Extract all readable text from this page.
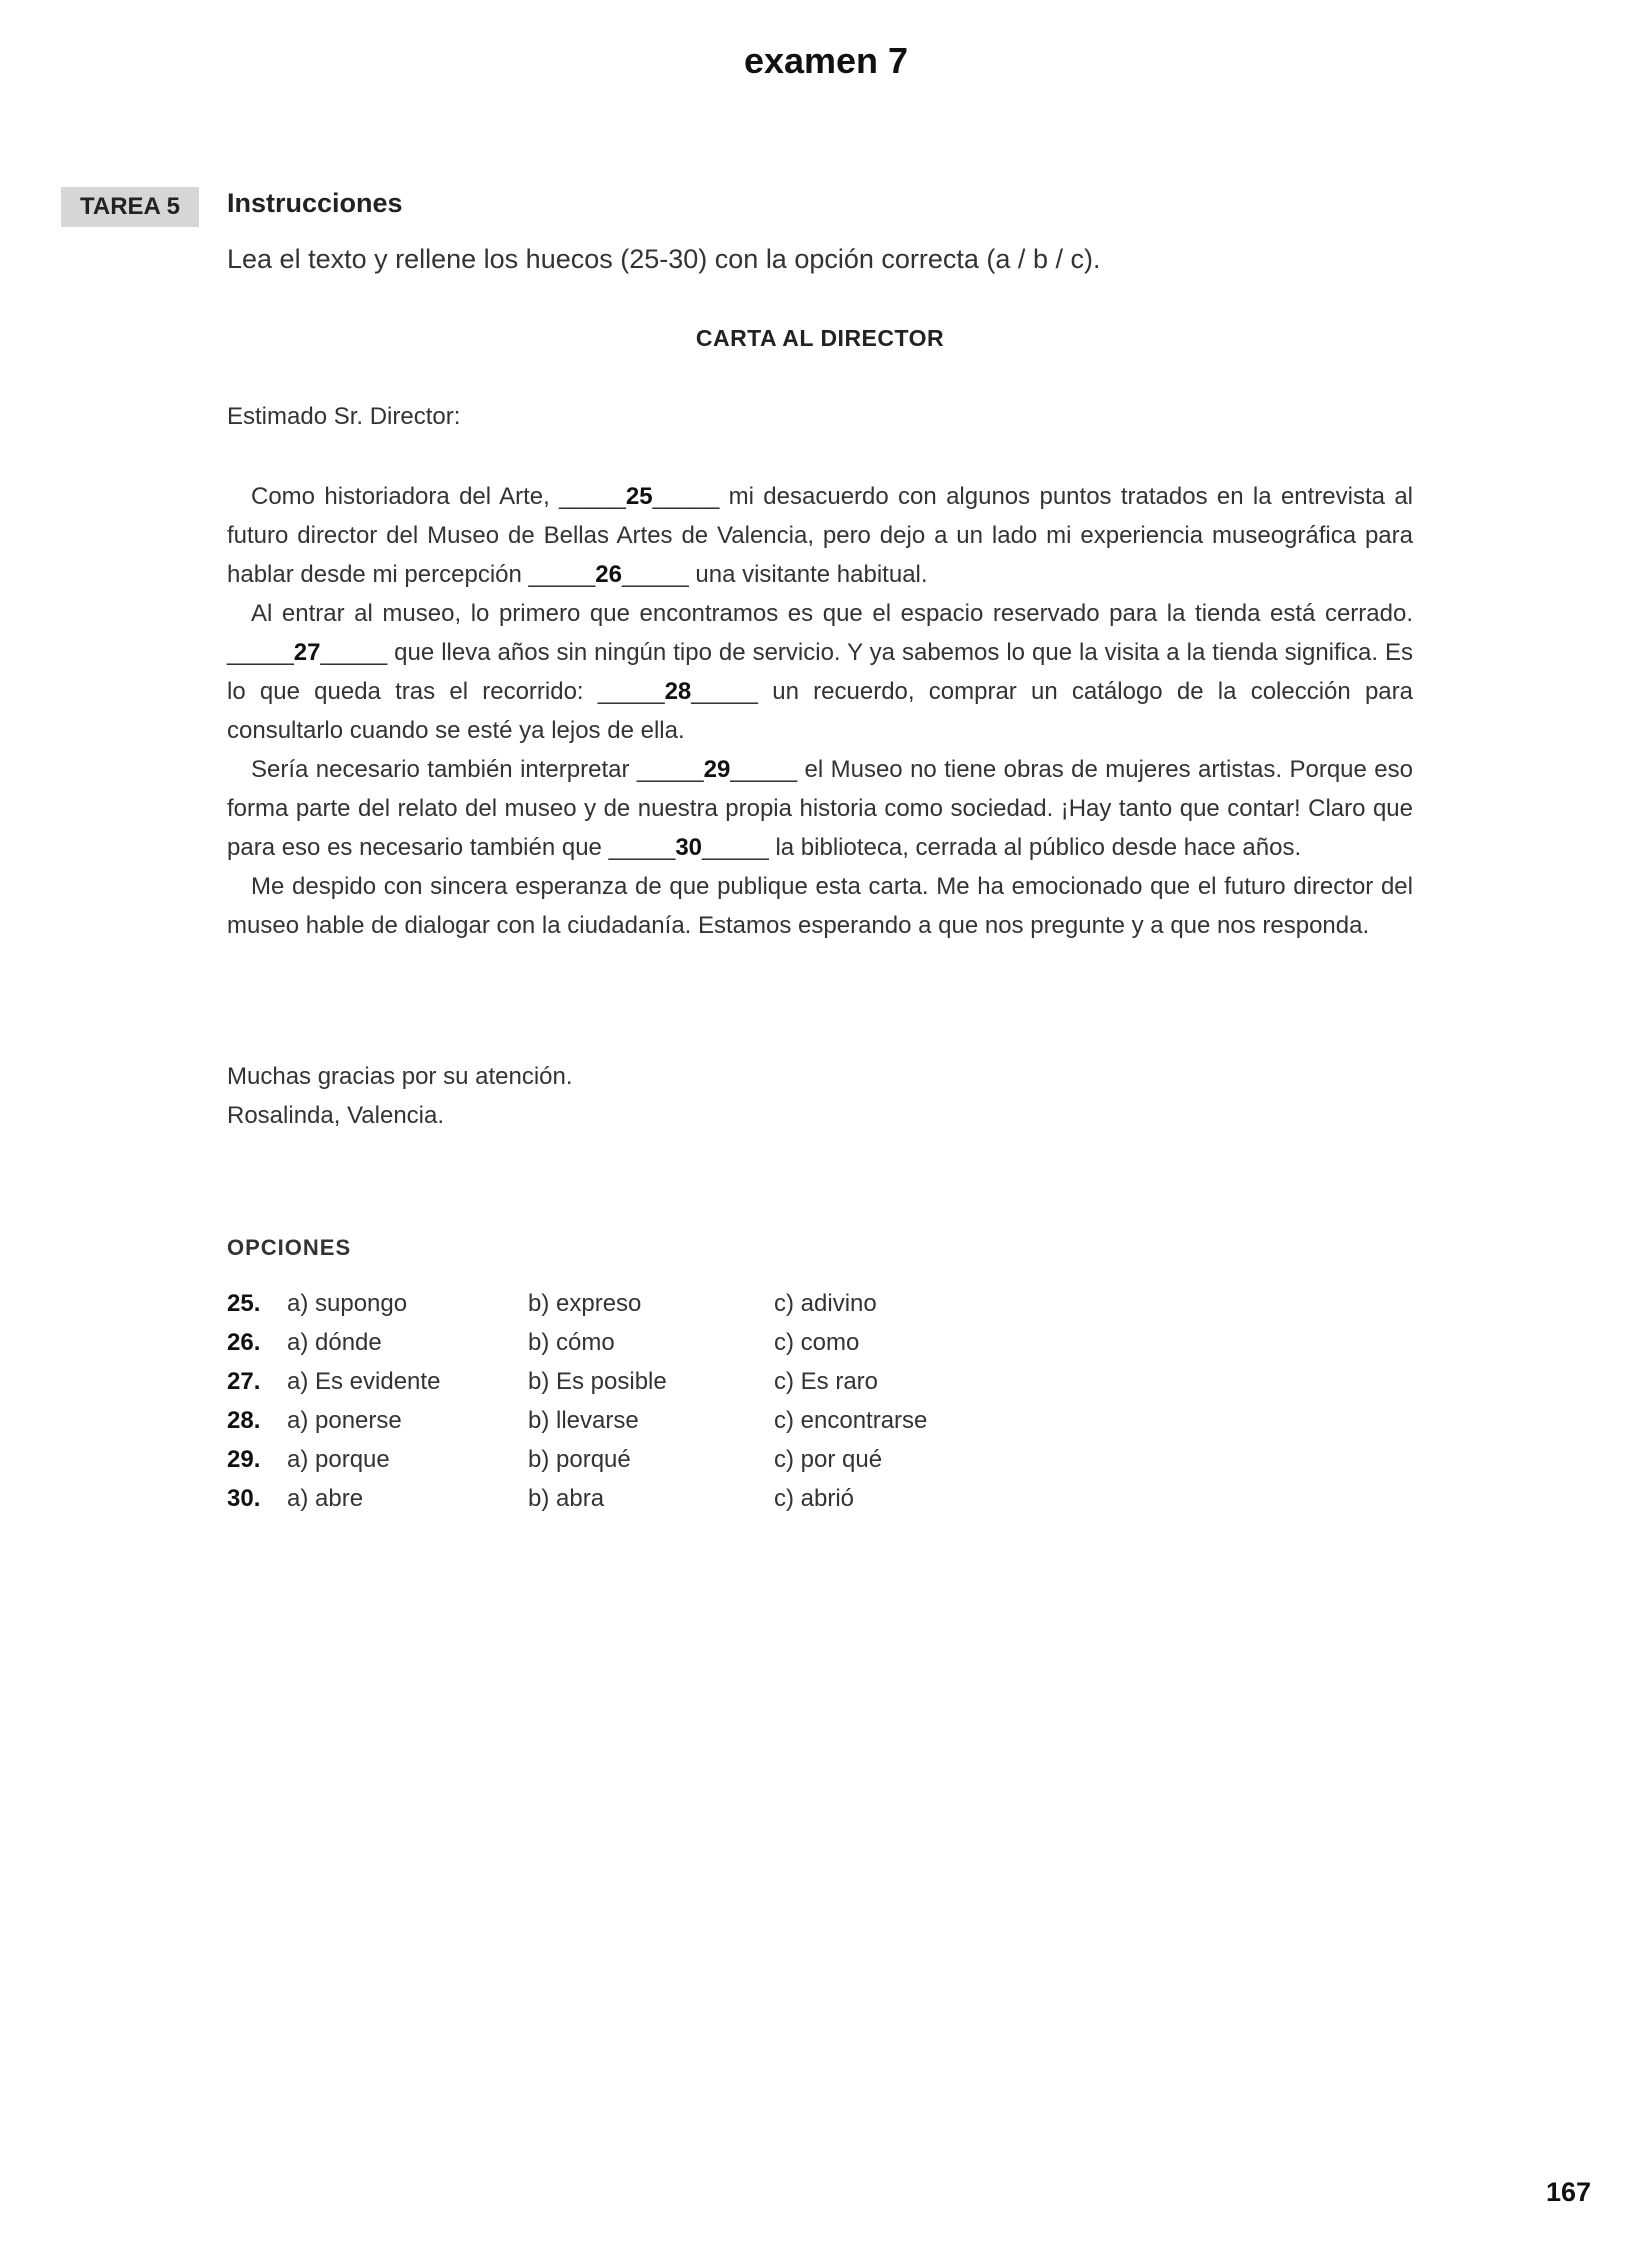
examen 7
TAREA 5	Instrucciones
Lea el texto y rellene los huecos (25-30) con la opción correcta (a / b / c).
CARTA AL DIRECTOR
Estimado Sr. Director:

Como historiadora del Arte, _____25_____ mi desacuerdo con algunos puntos tratados en la entrevista al futuro director del Museo de Bellas Artes de Valencia, pero dejo a un lado mi experiencia museográfica para hablar desde mi percepción _____26_____ una visitante habitual.

Al entrar al museo, lo primero que encontramos es que el espacio reservado para la tienda está cerrado. _____27_____ que lleva años sin ningún tipo de servicio. Y ya sabemos lo que la visita a la tienda significa. Es lo que queda tras el recorrido: _____28_____ un recuerdo, comprar un catálogo de la colección para consultarlo cuando se esté ya lejos de ella.

Sería necesario también interpretar _____29_____ el Museo no tiene obras de mujeres artistas. Porque eso forma parte del relato del museo y de nuestra propia historia como sociedad. ¡Hay tanto que contar! Claro que para eso es necesario también que _____30_____ la biblioteca, cerrada al público desde hace años.

Me despido con sincera esperanza de que publique esta carta. Me ha emocionado que el futuro director del museo hable de dialogar con la ciudadanía. Estamos esperando a que nos pregunte y a que nos responda.

Muchas gracias por su atención.
Rosalinda, Valencia.
OPCIONES
25.	a) supongo	b) expreso	c) adivino
26.	a) dónde	b) cómo	c) como
27.	a) Es evidente	b) Es posible	c) Es raro
28.	a) ponerse	b) llevarse	c) encontrarse
29.	a) porque	b) porqué	c) por qué
30.	a) abre	b) abra	c) abrió
167
